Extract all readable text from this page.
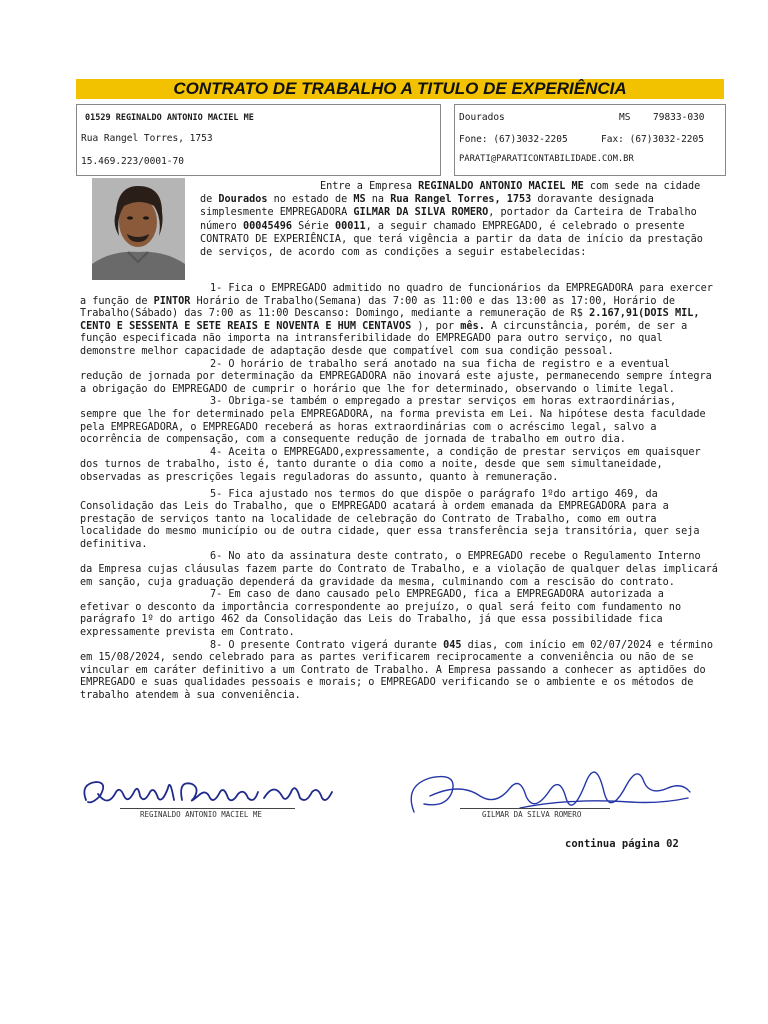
CONTRATO DE TRABALHO A TITULO DE EXPERIÊNCIA
01529 REGINALDO ANTONIO MACIEL ME
Rua Rangel Torres, 1753
15.469.223/0001-70
Dourados	MS 79833-030
Fone: (67)3032-2205	Fax: (67)3032-2205
PARATI@PARATICONTABILIDADE.COM.BR
Entre a Empresa REGINALDO ANTONIO MACIEL ME com sede na cidade de Dourados no estado de MS na Rua Rangel Torres, 1753 doravante designada simplesmente EMPREGADORA GILMAR DA SILVA ROMERO, portador da Carteira de Trabalho número 00045496 Série 00011, a seguir chamado EMPREGADO, é celebrado o presente CONTRATO DE EXPERIÊNCIA, que terá vigência a partir da data de início da prestação de serviços, de acordo com as condições a seguir estabelecidas:

1- Fica o EMPREGADO admitido no quadro de funcionários da EMPREGADORA para exercer a função de PINTOR Horário de Trabalho(Semana) das 7:00 as 11:00 e das 13:00 as 17:00, Horário de Trabalho(Sábado) das 7:00 as 11:00 Descanso: Domingo, mediante a remuneração de R$ 2.167,91(DOIS MIL, CENTO E SESSENTA E SETE REAIS E NOVENTA E HUM CENTAVOS ), por mês. A circunstância, porém, de ser a função especificada não importa na intransferibilidade do EMPREGADO para outro serviço, no qual demonstre melhor capacidade de adaptação desde que compatível com sua condição pessoal.

2- O horário de trabalho será anotado na sua ficha de registro e a eventual redução de jornada por determinação da EMPREGADORA não inovará este ajuste, permanecendo sempre íntegra a obrigação do EMPREGADO de cumprir o horário que lhe for determinado, observando o limite legal.

3- Obriga-se também o empregado a prestar serviços em horas extraordinárias, sempre que lhe for determinado pela EMPREGADORA, na forma prevista em Lei. Na hipótese desta faculdade pela EMPREGADORA, o EMPREGADO receberá as horas extraordinárias com o acréscimo legal, salvo a ocorrência de compensação, com a consequente redução de jornada de trabalho em outro dia.

4- Aceita o EMPREGADO,expressamente, a condição de prestar serviços em quaisquer dos turnos de trabalho, isto é, tanto durante o dia como a noite, desde que sem simultaneidade, observadas as prescrições legais reguladoras do assunto, quanto à remuneração.

5- Fica ajustado nos termos do que dispõe o parágrafo 1ºdo artigo 469, da Consolidação das Leis do Trabalho, que o EMPREGADO acatará à ordem emanada da EMPREGADORA para a prestação de serviços tanto na localidade de celebração do Contrato de Trabalho, como em outra localidade do mesmo município ou de outra cidade, quer essa transferência seja transitória, quer seja definitiva.

6- No ato da assinatura deste contrato, o EMPREGADO recebe o Regulamento Interno da Empresa cujas cláusulas fazem parte do Contrato de Trabalho, e a violação de qualquer delas implicará em sanção, cuja graduação dependerá da gravidade da mesma, culminando com a rescisão do contrato.

7- Em caso de dano causado pelo EMPREGADO, fica a EMPREGADORA autorizada a efetivar o desconto da importância correspondente ao prejuízo, o qual será feito com fundamento no parágrafo 1º do artigo 462 da Consolidação das Leis do Trabalho, já que essa possibilidade fica expressamente prevista em Contrato.

8- O presente Contrato vigerá durante 045 dias, com início em 02/07/2024 e término em 15/08/2024, sendo celebrado para as partes verificarem reciprocamente a conveniência ou não de se vincular em caráter definitivo a um Contrato de Trabalho. A Empresa passando a conhecer as aptidões do EMPREGADO e suas qualidades pessoais e morais; o EMPREGADO verificando se o ambiente e os métodos de trabalho atendem à sua conveniência.

REGINALDO ANTONIO MACIEL ME	GILMAR DA SILVA ROMERO
continua página 02
